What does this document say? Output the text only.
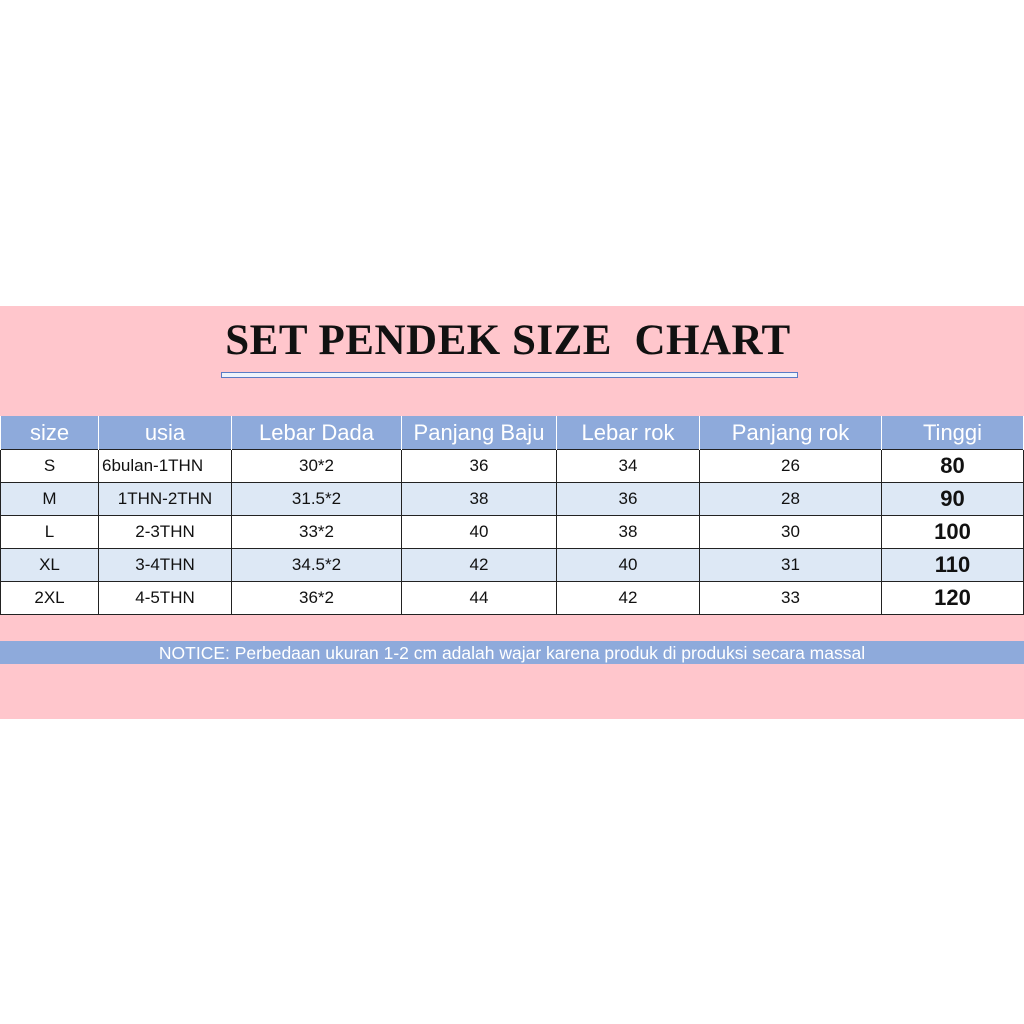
SET PENDEK SIZE  CHART
size	usia	Lebar Dada	Panjang Baju	Lebar rok	Panjang rok	Tinggi
S	6bulan-1THN	30*2	36	34	26	80
M	1THN-2THN	31.5*2	38	36	28	90
L	2-3THN	33*2	40	38	30	100
XL	3-4THN	34.5*2	42	40	31	110
2XL	4-5THN	36*2	44	42	33	120
NOTICE: Perbedaan ukuran 1-2 cm adalah wajar karena produk di produksi secara massal
